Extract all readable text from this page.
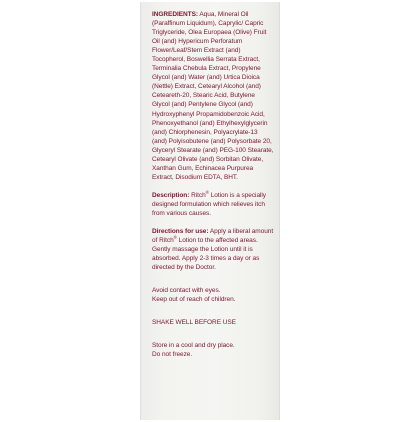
INGREDIENTS: Aqua, Mineral Oil (Paraffinum Liquidum), Caprylic/ Capric Triglyceride, Olea Europaea (Olive) Fruit Oil (and) Hypericum Perforatum Flower/Leaf/Stem Extract (and) Tocopherol, Boswellia Serrata Extract, Terminalia Chebula Extract, Propylene Glycol (and) Water (and) Urtica Dioica (Nettle) Extract, Cetearyl Alcohol (and) Ceteareth-20, Stearic Acid, Butylene Glycol (and) Pentylene Glycol (and) Hydroxyphenyl Propamidobenzoic Acid, Phenoxyethanol (and) Ethylhexylglycerin (and) Chlorphenesin, Polyacrylate-13 (and) Polyisobutene (and) Polysorbate 20, Glyceryl Stearate (and) PEG-100 Stearate, Cetearyl Olivate (and) Sorbitan Olivate, Xanthan Gum, Echinacea Purpurea Extract, Disodium EDTA, BHT.

Description: Ritch® Lotion is a specially designed formulation which relieves itch from various causes.

Directions for use: Apply a liberal amount of Ritch® Lotion to the affected areas. Gently massage the Lotion until it is absorbed. Apply 2-3 times a day or as directed by the Doctor.

Avoid contact with eyes.

Keep out of reach of children.

SHAKE WELL BEFORE USE

Store in a cool and dry place.

Do not freeze.
